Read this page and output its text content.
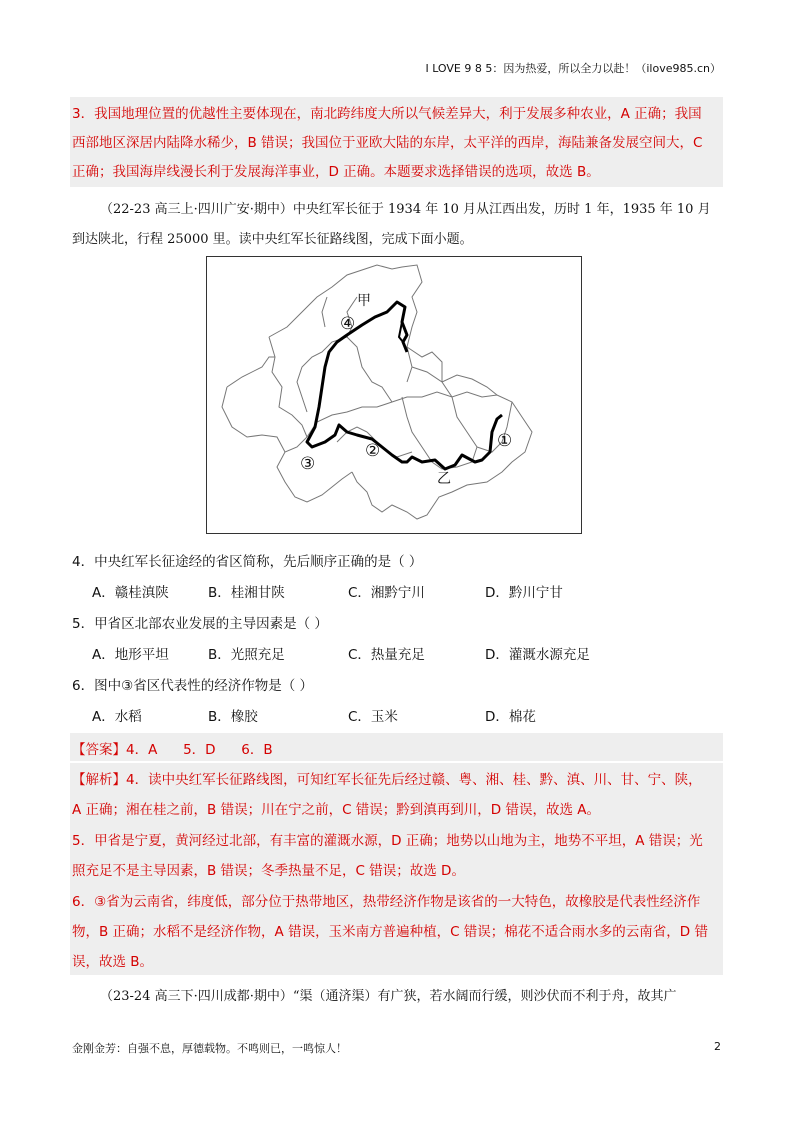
I LOVE 9 8 5：因为热爱，所以全力以赴！（ilove985.cn）
3．我国地理位置的优越性主要体现在，南北跨纬度大所以气候差异大，利于发展多种农业，A 正确；我国
西部地区深居内陆降水稀少，B 错误；我国位于亚欧大陆的东岸，太平洋的西岸，海陆兼备发展空间大，C
正确；我国海岸线漫长利于发展海洋事业，D 正确。本题要求选择错误的选项，故选 B。
（22-23 高三上·四川广安·期中）中央红军长征于 1934 年 10 月从江西出发，历时 1 年，1935 年 10 月
到达陕北，行程 25000 里。读中央红军长征路线图，完成下面小题。
甲
④
①
②
③
乙
4．中央红军长征途经的省区简称，先后顺序正确的是（ ）
A．赣桂滇陕	B．桂湘甘陕	C．湘黔宁川	D．黔川宁甘
5．甲省区北部农业发展的主导因素是（ ）
A．地形平坦	B．光照充足	C．热量充足	D．灌溉水源充足
6．图中③省区代表性的经济作物是（ ）
A．水稻	B．橡胶	C．玉米	D．棉花
【答案】4．A      5．D      6．B
【解析】4．读中央红军长征路线图，可知红军长征先后经过赣、粤、湘、桂、黔、滇、川、甘、宁、陕，
A 正确；湘在桂之前，B 错误；川在宁之前，C 错误；黔到滇再到川，D 错误，故选 A。
5．甲省是宁夏，黄河经过北部，有丰富的灌溉水源，D 正确；地势以山地为主，地势不平坦，A 错误；光
照充足不是主导因素，B 错误；冬季热量不足，C 错误；故选 D。
6．③省为云南省，纬度低，部分位于热带地区，热带经济作物是该省的一大特色，故橡胶是代表性经济作
物，B 正确；水稻不是经济作物，A 错误，玉米南方普遍种植，C 错误；棉花不适合雨水多的云南省，D 错
误，故选 B。
（23-24 高三下·四川成都·期中）“渠（通济渠）有广狭，若水阔而行缓，则沙伏而不利于舟，故其广
金刚金芳：自强不息，厚德载物。不鸣则已，一鸣惊人！	2
